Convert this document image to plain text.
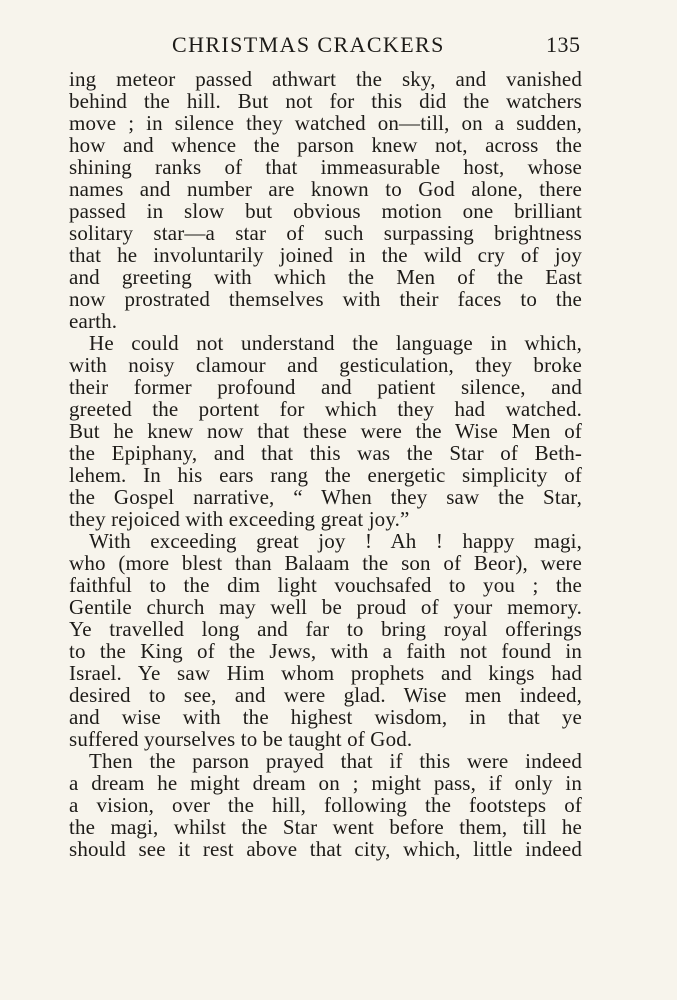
CHRISTMAS CRACKERS	135
ing meteor passed athwart the sky, and vanished
behind the hill. But not for this did the watchers
move ; in silence they watched on—till, on a sudden,
how and whence the parson knew not, across the
shining ranks of that immeasurable host, whose
names and number are known to God alone, there
passed in slow but obvious motion one brilliant
solitary star—a star of such surpassing brightness
that he involuntarily joined in the wild cry of joy
and greeting with which the Men of the East
now prostrated themselves with their faces to the
earth.
He could not understand the language in which,
with noisy clamour and gesticulation, they broke
their former profound and patient silence, and
greeted the portent for which they had watched.
But he knew now that these were the Wise Men of
the Epiphany, and that this was the Star of Beth-
lehem. In his ears rang the energetic simplicity of
the Gospel narrative, “ When they saw the Star,
they rejoiced with exceeding great joy.”
With exceeding great joy ! Ah ! happy magi,
who (more blest than Balaam the son of Beor), were
faithful to the dim light vouchsafed to you ; the
Gentile church may well be proud of your memory.
Ye travelled long and far to bring royal offerings
to the King of the Jews, with a faith not found in
Israel. Ye saw Him whom prophets and kings had
desired to see, and were glad. Wise men indeed,
and wise with the highest wisdom, in that ye
suffered yourselves to be taught of God.
Then the parson prayed that if this were indeed
a dream he might dream on ; might pass, if only in
a vision, over the hill, following the footsteps of
the magi, whilst the Star went before them, till he
should see it rest above that city, which, little indeed
